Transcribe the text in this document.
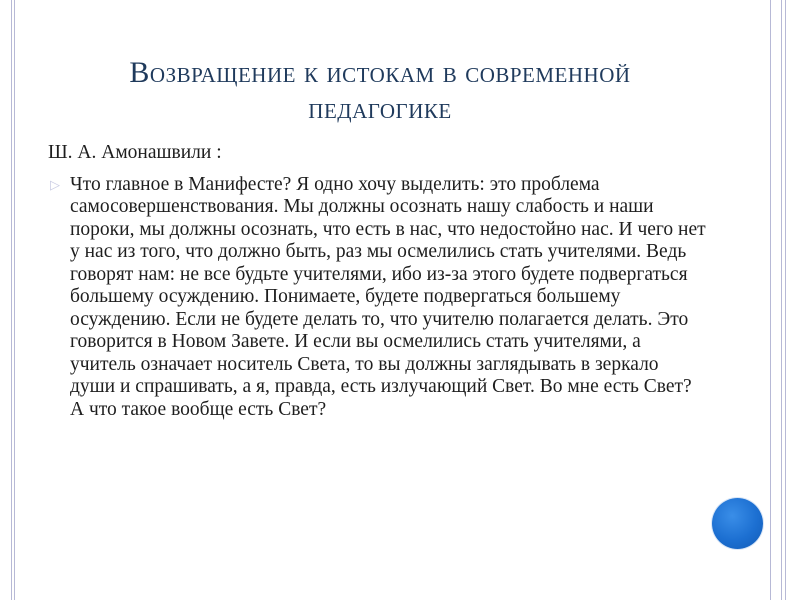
Возвращение к истокам в современной
педагогике
Ш. А. Амонашвили :
▷ Что главное в Манифесте? Я одно хочу выделить: это проблема самосовершенствования. Мы должны осознать нашу слабость и наши пороки, мы должны осознать, что есть в нас, что недостойно нас. И чего нет у нас из того, что должно быть, раз мы осмелились стать учителями. Ведь говорят нам: не все будьте учителями, ибо из-за этого будете подвергаться большему осуждению. Понимаете, будете подвергаться большему осуждению. Если не будете делать то, что учителю полагается делать. Это говорится в Новом Завете. И если вы осмелились стать учителями, а учитель означает носитель Света, то вы должны заглядывать в зеркало души и спрашивать, а я, правда, есть излучающий Свет. Во мне есть Свет? А что такое вообще есть Свет?
